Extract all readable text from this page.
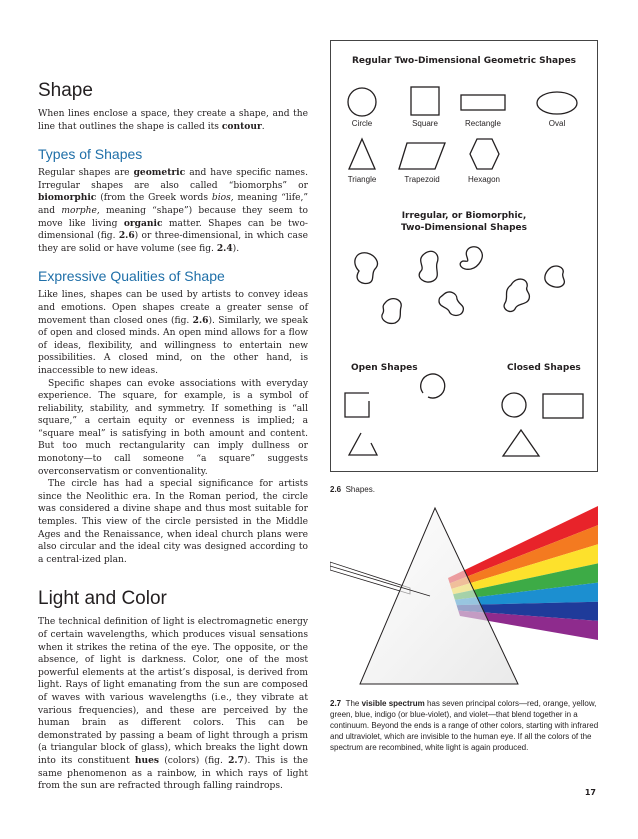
Shape

When lines enclose a space, they create a shape, and the line that outlines the shape is called its contour.

Types of Shapes

Regular shapes are geometric and have specific names. Irregular shapes are also called “biomorphs” or biomorphic (from the Greek words bios, meaning “life,” and morphe, meaning “shape”) because they seem to move like living organic matter. Shapes can be two-dimensional (fig. 2.6) or three-dimensional, in which case they are solid or have volume (see fig. 2.4).

Expressive Qualities of Shape

Like lines, shapes can be used by artists to convey ideas and emotions. Open shapes create a greater sense of movement than closed ones (fig. 2.6). Similarly, we speak of open and closed minds. An open mind allows for a flow of ideas, flexibility, and willingness to entertain new possibilities. A closed mind, on the other hand, is inaccessible to new ideas.

Specific shapes can evoke associations with everyday experience. The square, for example, is a symbol of reliability, stability, and symmetry. If something is “all square,” a certain equity or evenness is implied; a “square meal” is satisfying in both amount and content. But too much rectangularity can imply dullness or monotony—to call someone “a square” suggests overconservatism or conventionality.

The circle has had a special significance for artists since the Neolithic era. In the Roman period, the circle was considered a divine shape and thus most suitable for temples. This view of the circle persisted in the Middle Ages and the Renaissance, when ideal church plans were also circular and the ideal city was designed according to a central-ized plan.

Light and Color

The technical definition of light is electromagnetic energy of certain wavelengths, which produces visual sensations when it strikes the retina of the eye. The opposite, or the absence, of light is darkness. Color, one of the most powerful elements at the artist’s disposal, is derived from light. Rays of light emanating from the sun are composed of waves with various wavelengths (i.e., they vibrate at various frequencies), and these are perceived by the human brain as different colors. This can be demonstrated by passing a beam of light through a prism (a triangular block of glass), which breaks the light down into its constituent hues (colors) (fig. 2.7). This is the same phenomenon as a rainbow, in which rays of light from the sun are refracted through falling raindrops.

Regular Two-Dimensional Geometric Shapes
Circle	Square	Rectangle	Oval
Triangle	Trapezoid	Hexagon
Irregular, or Biomorphic,
Two-Dimensional Shapes
Open Shapes	Closed Shapes
2.6 Shapes.
2.7 The visible spectrum has seven principal colors—red, orange, yellow, green, blue, indigo (or blue-violet), and violet—that blend together in a continuum. Beyond the ends is a range of other colors, starting with infrared and ultraviolet, which are invisible to the human eye. If all the colors of the spectrum are recombined, white light is again produced.
17
